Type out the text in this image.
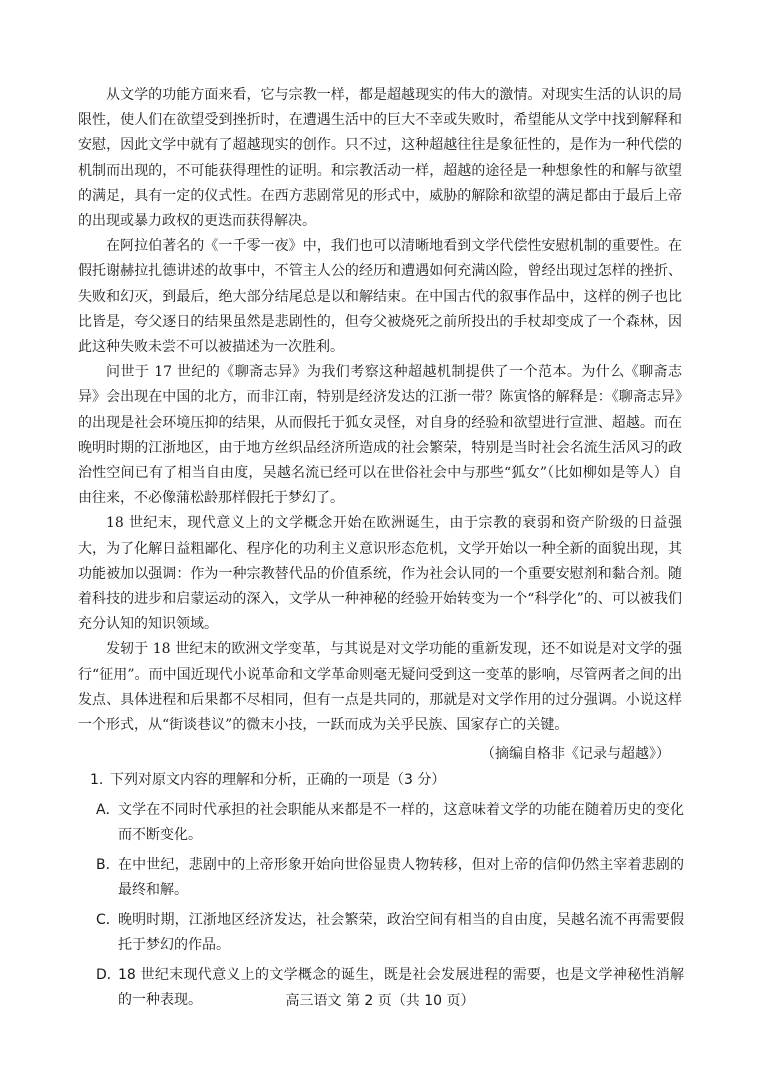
从文学的功能方面来看，它与宗教一样，都是超越现实的伟大的激情。对现实生活的认识的局限性，使人们在欲望受到挫折时，在遭遇生活中的巨大不幸或失败时，希望能从文学中找到解释和安慰，因此文学中就有了超越现实的创作。只不过，这种超越往往是象征性的，是作为一种代偿的机制而出现的，不可能获得理性的证明。和宗教活动一样，超越的途径是一种想象性的和解与欲望的满足，具有一定的仪式性。在西方悲剧常见的形式中，威胁的解除和欲望的满足都由于最后上帝的出现或暴力政权的更迭而获得解决。

在阿拉伯著名的《一千零一夜》中，我们也可以清晰地看到文学代偿性安慰机制的重要性。在假托谢赫拉扎德讲述的故事中，不管主人公的经历和遭遇如何充满凶险，曾经出现过怎样的挫折、失败和幻灭，到最后，绝大部分结尾总是以和解结束。在中国古代的叙事作品中，这样的例子也比比皆是，夸父逐日的结果虽然是悲剧性的，但夸父被烧死之前所投出的手杖却变成了一个森林，因此这种失败未尝不可以被描述为一次胜利。

问世于 17 世纪的《聊斋志异》为我们考察这种超越机制提供了一个范本。为什么《聊斋志异》会出现在中国的北方，而非江南，特别是经济发达的江浙一带？陈寅恪的解释是：《聊斋志异》的出现是社会环境压抑的结果，从而假托于狐女灵怪，对自身的经验和欲望进行宣泄、超越。而在晚明时期的江浙地区，由于地方丝织品经济所造成的社会繁荣，特别是当时社会名流生活风习的政治性空间已有了相当自由度，吴越名流已经可以在世俗社会中与那些“狐女”（比如柳如是等人）自由往来，不必像蒲松龄那样假托于梦幻了。

18 世纪末，现代意义上的文学概念开始在欧洲诞生，由于宗教的衰弱和资产阶级的日益强大，为了化解日益粗鄙化、程序化的功利主义意识形态危机，文学开始以一种全新的面貌出现，其功能被加以强调：作为一种宗教替代品的价值系统，作为社会认同的一个重要安慰剂和黏合剂。随着科技的进步和启蒙运动的深入，文学从一种神秘的经验开始转变为一个“科学化”的、可以被我们充分认知的知识领域。

发轫于 18 世纪末的欧洲文学变革，与其说是对文学功能的重新发现，还不如说是对文学的强行“征用”。而中国近现代小说革命和文学革命则毫无疑问受到这一变革的影响，尽管两者之间的出发点、具体进程和后果都不尽相同，但有一点是共同的，那就是对文学作用的过分强调。小说这样一个形式，从“街谈巷议”的微末小技，一跃而成为关乎民族、国家存亡的关键。

（摘编自格非《记录与超越》）

1. 下列对原文内容的理解和分析，正确的一项是（3 分）

A．
文学在不同时代承担的社会职能从来都是不一样的，这意味着文学的功能在随着历史的变化而不断变化。
B．
在中世纪，悲剧中的上帝形象开始向世俗显贵人物转移，但对上帝的信仰仍然主宰着悲剧的最终和解。
C．
晚明时期，江浙地区经济发达，社会繁荣，政治空间有相当的自由度，吴越名流不再需要假托于梦幻的作品。
D．
18 世纪末现代意义上的文学概念的诞生，既是社会发展进程的需要，也是文学神秘性消解的一种表现。	高三语文 第 2 页（共 10 页）
